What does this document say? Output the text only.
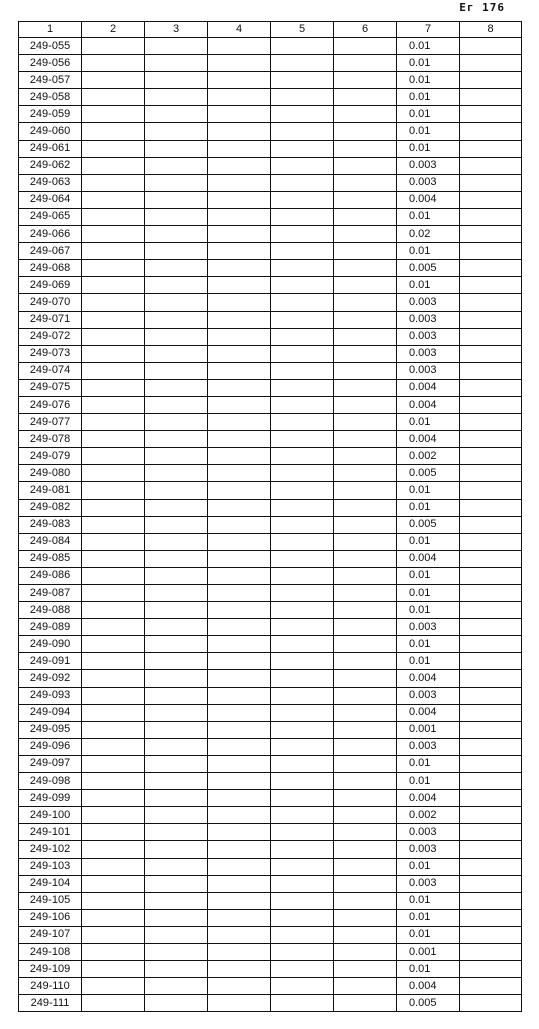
Ег 176
1	2	3	4	5	6	7	8
249-055						0.01	
249-056						0.01	
249-057						0.01	
249-058						0.01	
249-059						0.01	
249-060						0.01	
249-061						0.01	
249-062						0.003	
249-063						0.003	
249-064						0.004	
249-065						0.01	
249-066						0.02	
249-067						0.01	
249-068						0.005	
249-069						0.01	
249-070						0.003	
249-071						0.003	
249-072						0.003	
249-073						0.003	
249-074						0.003	
249-075						0.004	
249-076						0.004	
249-077						0.01	
249-078						0.004	
249-079						0.002	
249-080						0.005	
249-081						0.01	
249-082						0.01	
249-083						0.005	
249-084						0.01	
249-085						0.004	
249-086						0.01	
249-087						0.01	
249-088						0.01	
249-089						0.003	
249-090						0.01	
249-091						0.01	
249-092						0.004	
249-093						0.003	
249-094						0.004	
249-095						0.001	
249-096						0.003	
249-097						0.01	
249-098						0.01	
249-099						0.004	
249-100						0.002	
249-101						0.003	
249-102						0.003	
249-103						0.01	
249-104						0.003	
249-105						0.01	
249-106						0.01	
249-107						0.01	
249-108						0.001	
249-109						0.01	
249-110						0.004	
249-111						0.005	
